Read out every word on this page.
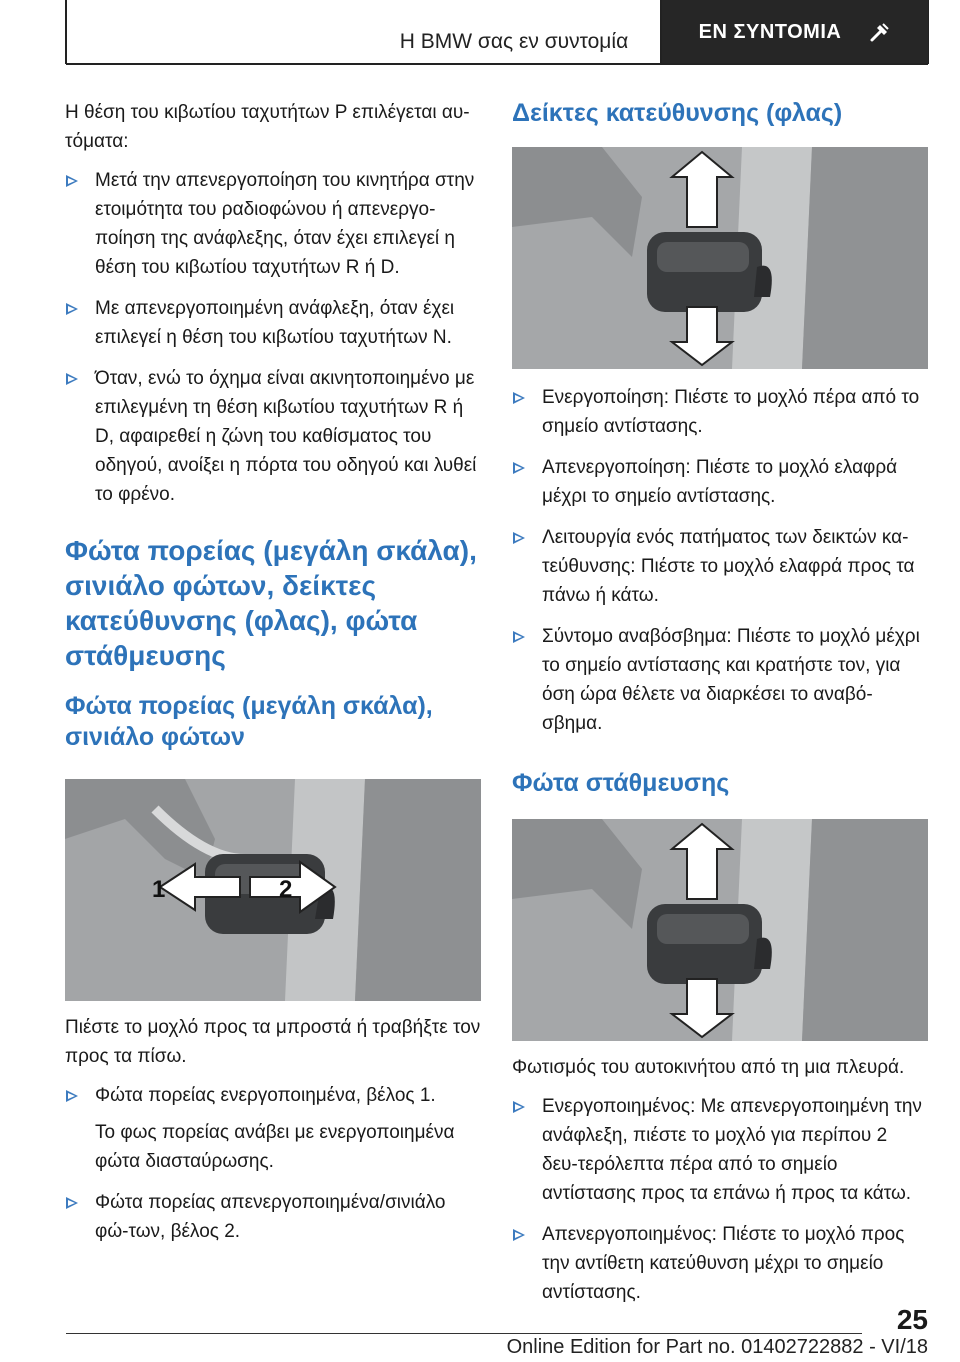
Η BMW σας εν συντομία	ΕΝ ΣΥΝΤΟΜΙΑ

Η θέση του κιβωτίου ταχυτήτων P επιλέγεται αυ-τόματα:

Μετά την απενεργοποίηση του κινητήρα στην ετοιμότητα του ραδιοφώνου ή απενεργο-ποίηση της ανάφλεξης, όταν έχει επιλεγεί η θέση του κιβωτίου ταχυτήτων R ή D.
Με απενεργοποιημένη ανάφλεξη, όταν έχει επιλεγεί η θέση του κιβωτίου ταχυτήτων N.
Όταν, ενώ το όχημα είναι ακινητοποιημένο με επιλεγμένη τη θέση κιβωτίου ταχυτήτων R ή D, αφαιρεθεί η ζώνη του καθίσματος του οδηγού, ανοίξει η πόρτα του οδηγού και λυθεί το φρένο.
Φώτα πορείας (μεγάλη σκάλα), σινιάλο φώτων, δείκτες κατεύθυνσης (φλας), φώτα στάθμευσης
Φώτα πορείας (μεγάλη σκάλα), σινιάλο φώτων
1	2

Πιέστε το μοχλό προς τα μπροστά ή τραβήξτε τον προς τα πίσω.

Φώτα πορείας ενεργοποιημένα, βέλος 1.

Το φως πορείας ανάβει με ενεργοποιημένα φώτα διασταύρωσης.

Φώτα πορείας απενεργοποιημένα/σινιάλο φώ-των, βέλος 2.
Δείκτες κατεύθυνσης (φλας)
Ενεργοποίηση: Πιέστε το μοχλό πέρα από το σημείο αντίστασης.
Απενεργοποίηση: Πιέστε το μοχλό ελαφρά μέχρι το σημείο αντίστασης.
Λειτουργία ενός πατήματος των δεικτών κα-τεύθυνσης: Πιέστε το μοχλό ελαφρά προς τα πάνω ή κάτω.
Σύντομο αναβόσβημα: Πιέστε το μοχλό μέχρι το σημείο αντίστασης και κρατήστε τον, για όση ώρα θέλετε να διαρκέσει το αναβό-σβημα.
Φώτα στάθμευσης

Φωτισμός του αυτοκινήτου από τη μια πλευρά.

Ενεργοποιημένος: Με απενεργοποιημένη την ανάφλεξη, πιέστε το μοχλό για περίπου 2 δευ-τερόλεπτα πέρα από το σημείο αντίστασης προς τα επάνω ή προς τα κάτω.
Απενεργοποιημένος: Πιέστε το μοχλό προς την αντίθετη κατεύθυνση μέχρι το σημείο αντίστασης.
25
Online Edition for Part no. 01402722882 - VI/18
